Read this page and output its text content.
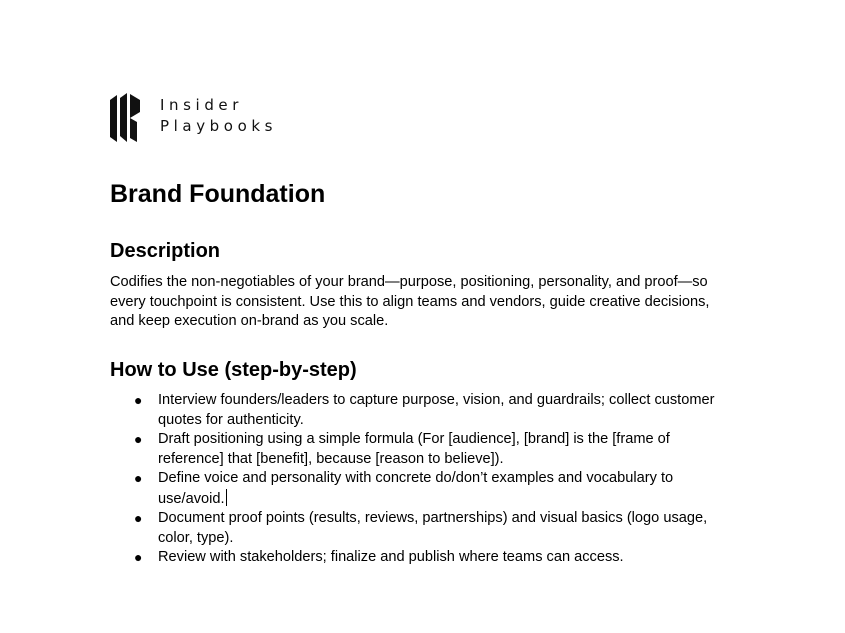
Insider
Playbooks
Brand Foundation
Description

Codifies the non-negotiables of your brand—purpose, positioning, personality, and proof—so every touchpoint is consistent. Use this to align teams and vendors, guide creative decisions, and keep execution on-brand as you scale.

How to Use (step-by-step)
● Interview founders/leaders to capture purpose, vision, and guardrails; collect customer quotes for authenticity.
● Draft positioning using a simple formula (For [audience], [brand] is the [frame of reference] that [benefit], because [reason to believe]).
● Define voice and personality with concrete do/don’t examples and vocabulary to use/avoid.
● Document proof points (results, reviews, partnerships) and visual basics (logo usage, color, type).
● Review with stakeholders; finalize and publish where teams can access.
